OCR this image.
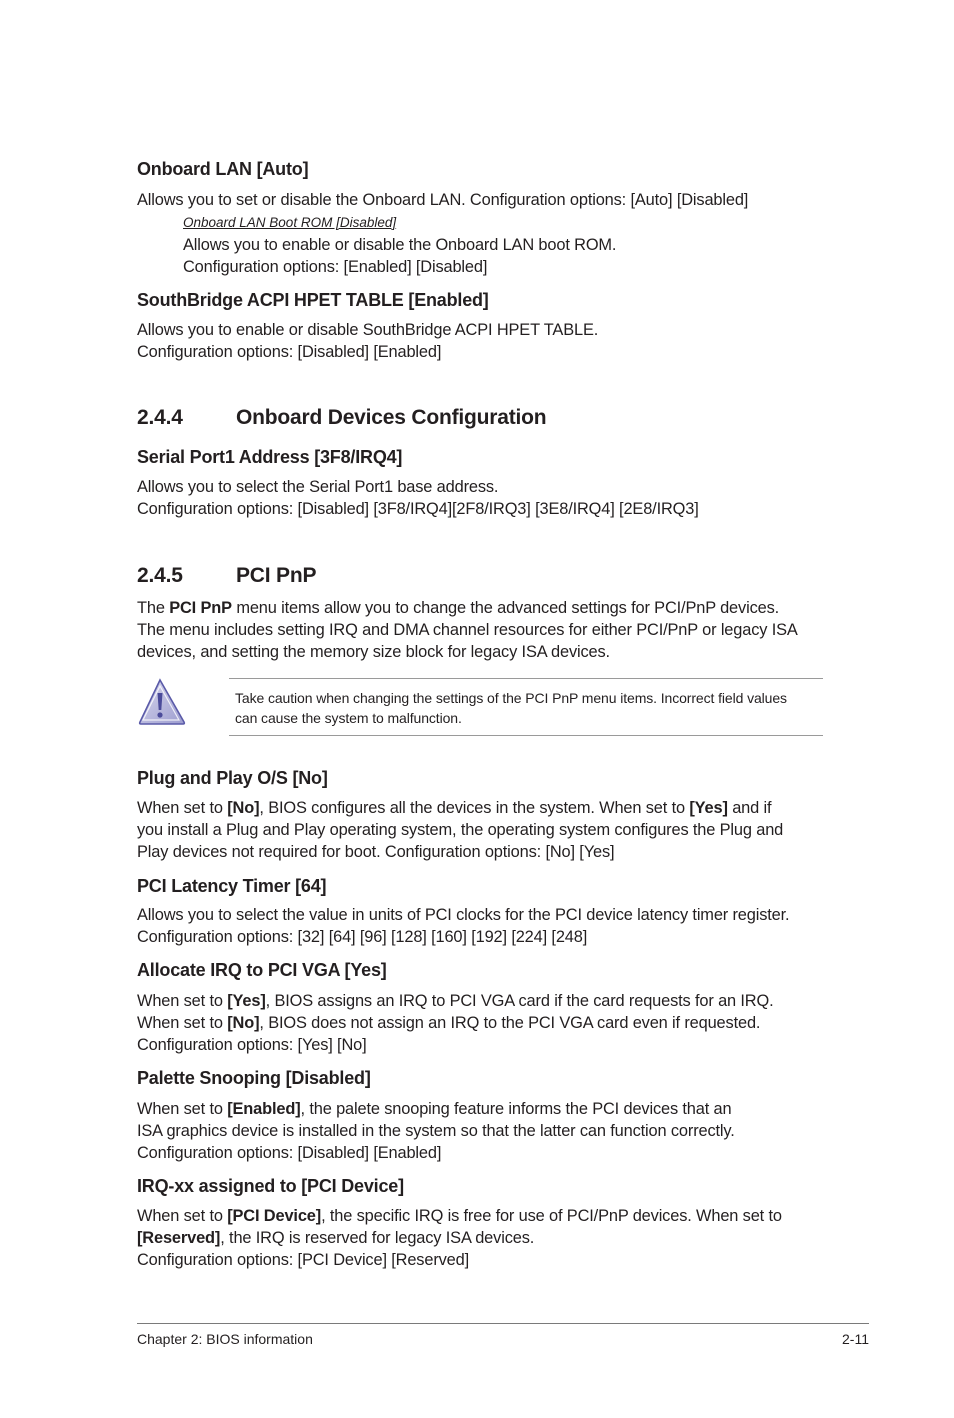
Onboard LAN [Auto]
Allows you to set or disable the Onboard LAN. Configuration options: [Auto] [Disabled]
Onboard LAN Boot ROM [Disabled]
Allows you to enable or disable the Onboard LAN boot ROM.
Configuration options: [Enabled] [Disabled]
SouthBridge ACPI HPET TABLE [Enabled]
Allows you to enable or disable SouthBridge ACPI HPET TABLE.
Configuration options: [Disabled] [Enabled]
2.4.4	Onboard Devices Configuration
Serial Port1 Address [3F8/IRQ4]
Allows you to select the Serial Port1 base address.
Configuration options: [Disabled] [3F8/IRQ4][2F8/IRQ3] [3E8/IRQ4] [2E8/IRQ3]
2.4.5	PCI PnP
The PCI PnP menu items allow you to change the advanced settings for PCI/PnP devices.
The menu includes setting IRQ and DMA channel resources for either PCI/PnP or legacy ISA
devices, and setting the memory size block for legacy ISA devices.
Take caution when changing the settings of the PCI PnP menu items. Incorrect field values
can cause the system to malfunction.
Plug and Play O/S [No]
When set to [No], BIOS configures all the devices in the system. When set to [Yes] and if
you install a Plug and Play operating system, the operating system configures the Plug and
Play devices not required for boot. Configuration options: [No] [Yes]
PCI Latency Timer [64]
Allows you to select the value in units of PCI clocks for the PCI device latency timer register.
Configuration options: [32] [64] [96] [128] [160] [192] [224] [248]
Allocate IRQ to PCI VGA [Yes]
When set to [Yes], BIOS assigns an IRQ to PCI VGA card if the card requests for an IRQ.
When set to [No], BIOS does not assign an IRQ to the PCI VGA card even if requested.
Configuration options: [Yes] [No]
Palette Snooping [Disabled]
When set to [Enabled], the palete snooping feature informs the PCI devices that an
ISA graphics device is installed in the system so that the latter can function correctly.
Configuration options: [Disabled] [Enabled]
IRQ-xx assigned to [PCI Device]
When set to [PCI Device], the specific IRQ is free for use of PCI/PnP devices. When set to
[Reserved], the IRQ is reserved for legacy ISA devices.
Configuration options: [PCI Device] [Reserved]
Chapter 2: BIOS information	2-11
